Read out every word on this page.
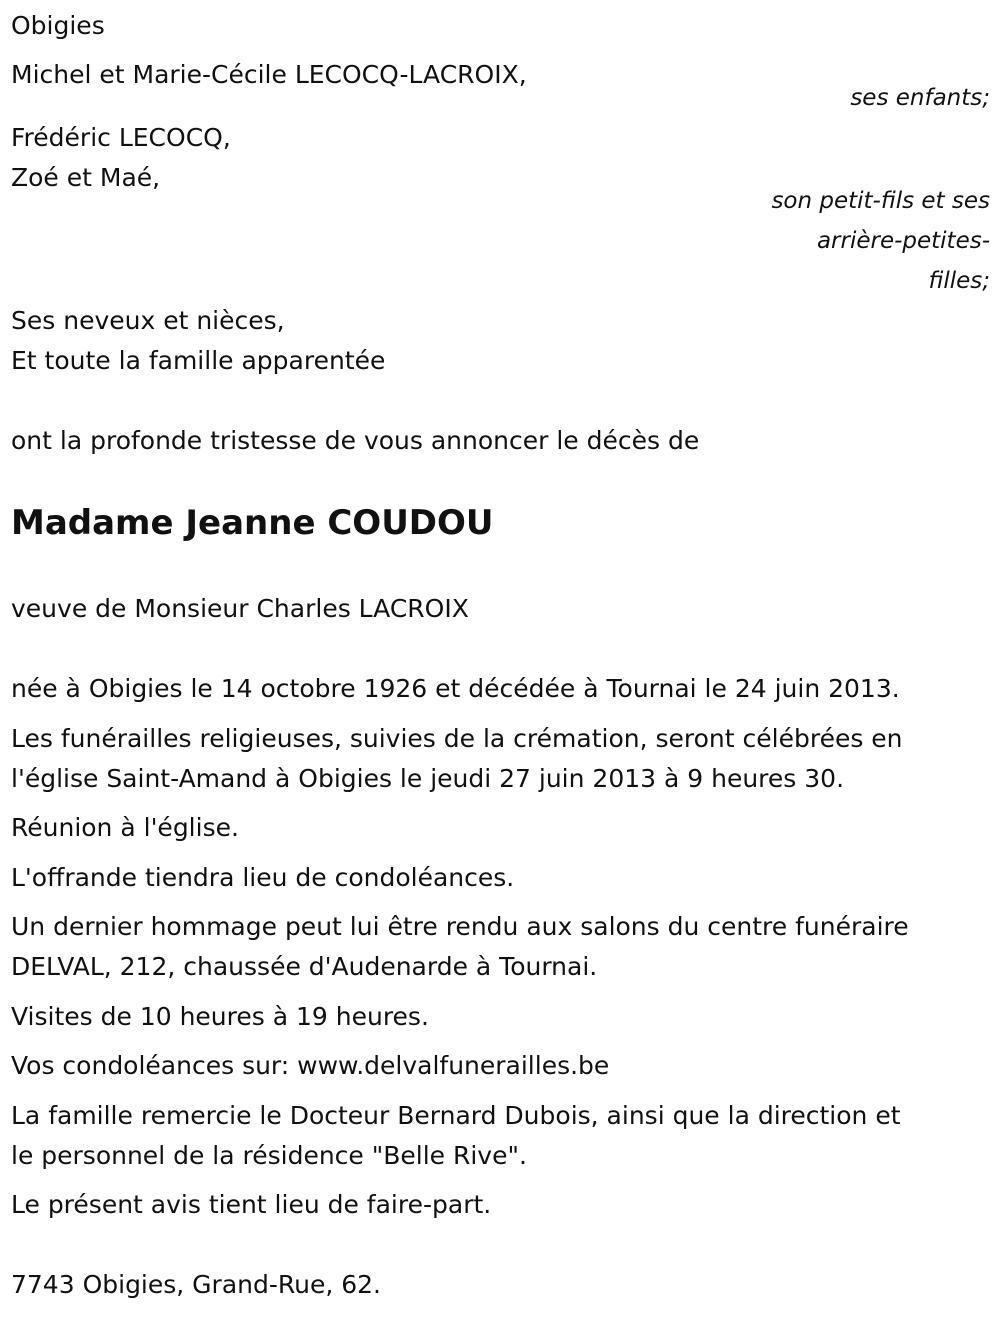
Obigies

Michel et Marie-Cécile LECOCQ-LACROIX,

ses enfants;

Frédéric LECOCQ,

Zoé et Maé,

son petit-fils et ses

arrière-petites-

filles;

Ses neveux et nièces,

Et toute la famille apparentée

ont la profonde tristesse de vous annoncer le décès de

Madame Jeanne COUDOU

veuve de Monsieur Charles LACROIX

née à Obigies le 14 octobre 1926 et décédée à Tournai le 24 juin 2013.

Les funérailles religieuses, suivies de la crémation, seront célébrées en

l'église Saint-Amand à Obigies le jeudi 27 juin 2013 à 9 heures 30.

Réunion à l'église.

L'offrande tiendra lieu de condoléances.

Un dernier hommage peut lui être rendu aux salons du centre funéraire

DELVAL, 212, chaussée d'Audenarde à Tournai.

Visites de 10 heures à 19 heures.

Vos condoléances sur: www.delvalfunerailles.be

La famille remercie le Docteur Bernard Dubois, ainsi que la direction et

le personnel de la résidence "Belle Rive".

Le présent avis tient lieu de faire-part.

7743 Obigies, Grand-Rue, 62.
